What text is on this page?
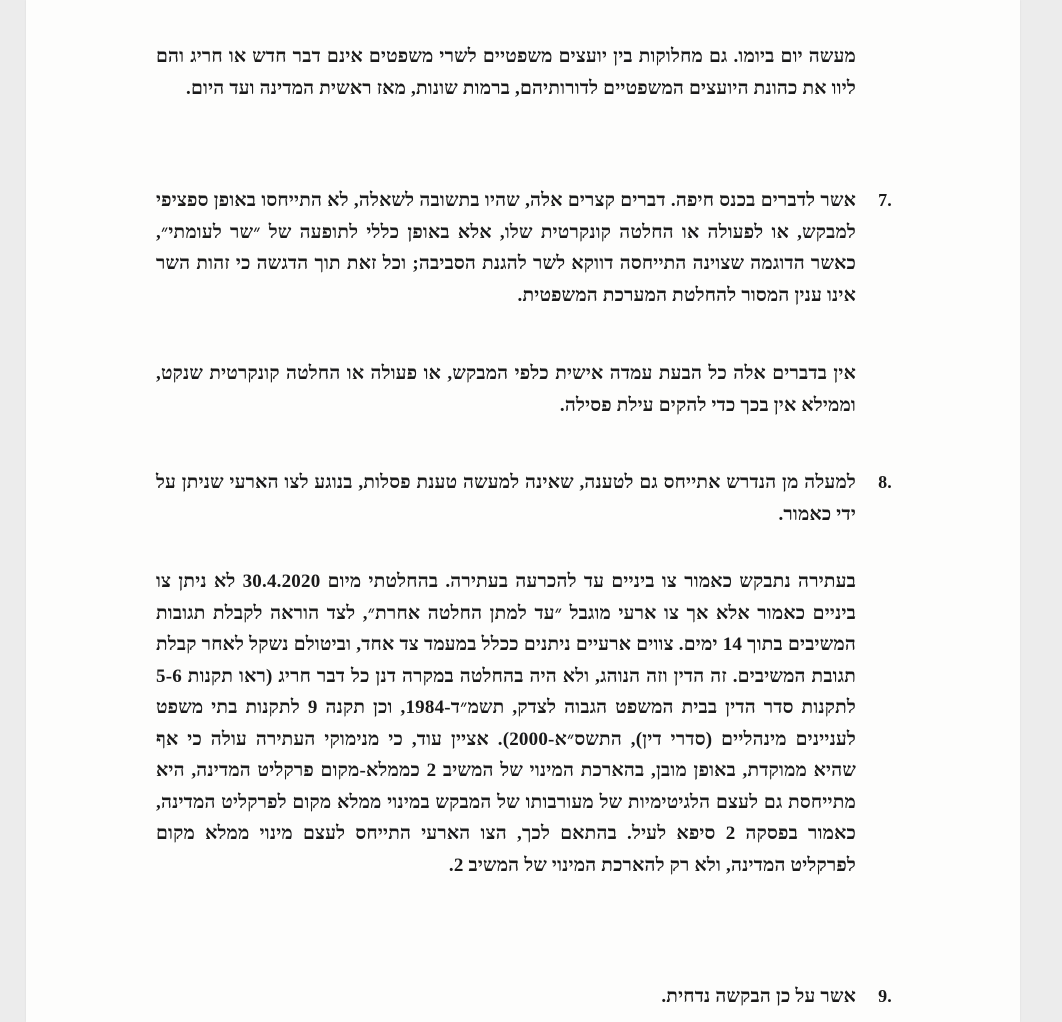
מעשה יום ביומו. גם מחלוקות בין יועצים משפטיים לשרי משפטים אינם דבר חדש או חריג והם ליוו את כהונת היועצים המשפטיים לדורותיהם, ברמות שונות, מאז ראשית המדינה ועד היום.
7.
אשר לדברים בכנס חיפה. דברים קצרים אלה, שהיו בתשובה לשאלה, לא התייחסו באופן ספציפי למבקש, או לפעולה או החלטה קונקרטית שלו, אלא באופן כללי לתופעה של ״שר לעומתי״, כאשר הדוגמה שצוינה התייחסה דווקא לשר להגנת הסביבה; וכל זאת תוך הדגשה כי זהות השר אינו ענין המסור להחלטת המערכת המשפטית.
אין בדברים אלה כל הבעת עמדה אישית כלפי המבקש, או פעולה או החלטה קונקרטית שנקט, וממילא אין בכך כדי להקים עילת פסילה.
8.
למעלה מן הנדרש אתייחס גם לטענה, שאינה למעשה טענת פסלות, בנוגע לצו הארעי שניתן על ידי כאמור.
בעתירה נתבקש כאמור צו ביניים עד להכרעה בעתירה. בהחלטתי מיום 30.4.2020 לא ניתן צו ביניים כאמור אלא אך צו ארעי מוגבל ״עד למתן החלטה אחרת״, לצד הוראה לקבלת תגובות המשיבים בתוך 14 ימים. צווים ארעיים ניתנים ככלל במעמד צד אחד, וביטולם נשקל לאחר קבלת תגובת המשיבים. זה הדין וזה הנוהג, ולא היה בהחלטה במקרה דנן כל דבר חריג (ראו תקנות 5-6 לתקנות סדר הדין בבית המשפט הגבוה לצדק, תשמ״ד-1984, וכן תקנה 9 לתקנות בתי משפט לעניינים מינהליים (סדרי דין), התשס״א-2000). אציין עוד, כי מנימוקי העתירה עולה כי אף שהיא ממוקדת, באופן מובן, בהארכת המינוי של המשיב 2 כממלא-מקום פרקליט המדינה, היא מתייחסת גם לעצם הלגיטימיות של מעורבותו של המבקש במינוי ממלא מקום לפרקליט המדינה, כאמור בפסקה 2 סיפא לעיל. בהתאם לכך, הצו הארעי התייחס לעצם מינוי ממלא מקום לפרקליט המדינה, ולא רק להארכת המינוי של המשיב 2.
9.
אשר על כן הבקשה נדחית.
